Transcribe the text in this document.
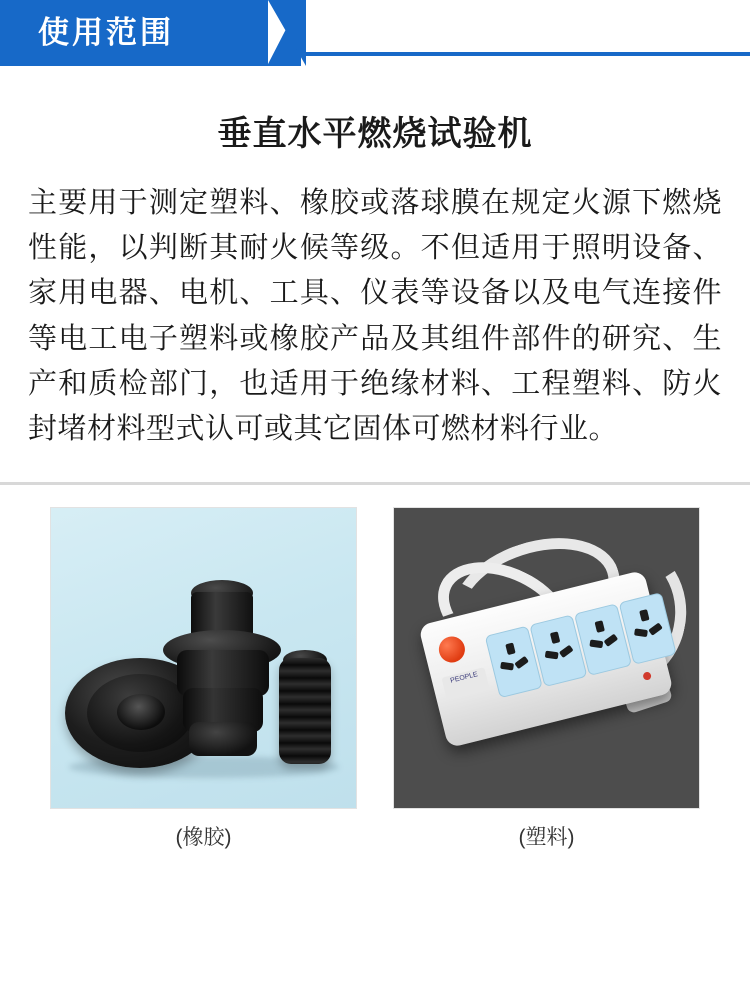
使用范围
垂直水平燃烧试验机
主要用于测定塑料、橡胶或落球膜在规定火源下燃烧性能，以判断其耐火候等级。不但适用于照明设备、家用电器、电机、工具、仪表等设备以及电气连接件等电工电子塑料或橡胶产品及其组件部件的研究、生产和质检部门，也适用于绝缘材料、工程塑料、防火封堵材料型式认可或其它固体可燃材料行业。
(橡胶)
PEOPLE
(塑料)
